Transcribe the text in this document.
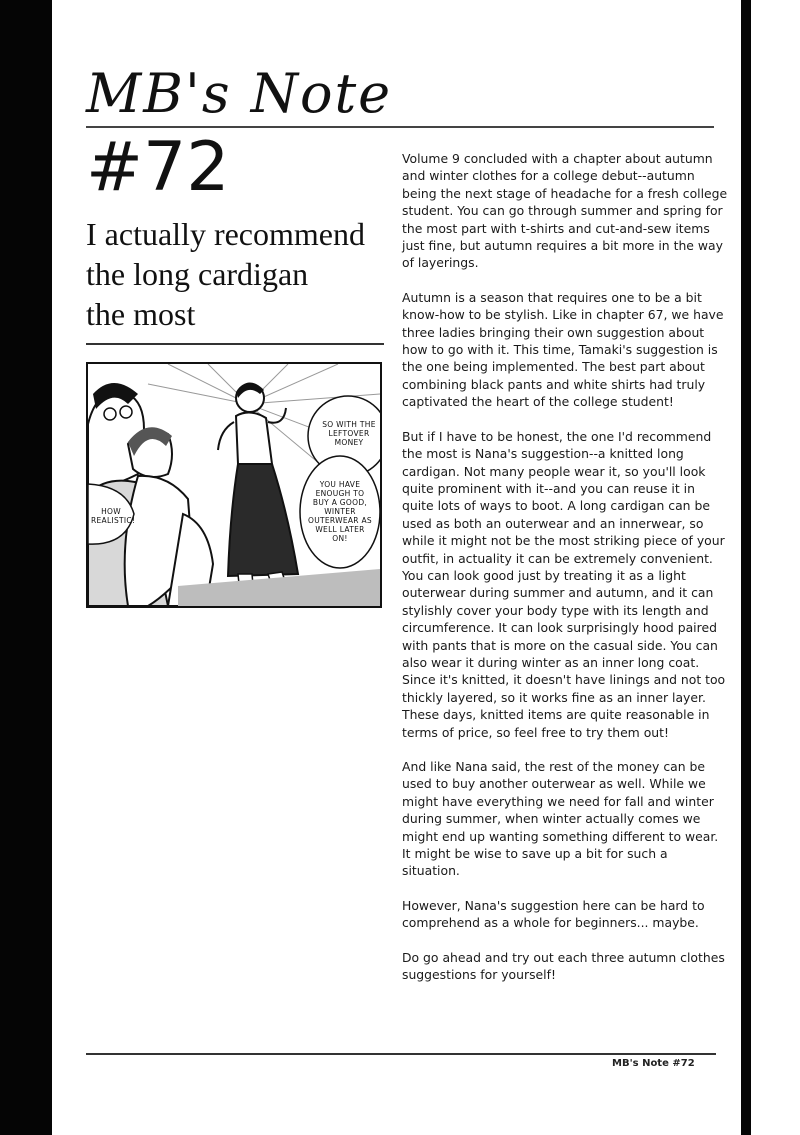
MB's Note
#72
I actually recommend
the long cardigan
the most
SO WITH THE LEFTOVER MONEY
YOU HAVE ENOUGH TO BUY A GOOD, WINTER OUTERWEAR AS WELL LATER ON!
HOW REALISTIC!

Volume 9 concluded with a chapter about autumn and winter clothes for a college debut--autumn being the next stage of headache for a fresh college student. You can go through summer and spring for the most part with t-shirts and cut-and-sew items just fine, but autumn requires a bit more in the way of layerings.

Autumn is a season that requires one to be a bit know-how to be stylish. Like in chapter 67, we have three ladies bringing their own suggestion about how to go with it. This time, Tamaki's suggestion is the one being implemented. The best part about combining black pants and white shirts had truly captivated the heart of the college student!

But if I have to be honest, the one I'd recommend the most is Nana's suggestion--a knitted long cardigan. Not many people wear it, so you'll look quite prominent with it--and you can reuse it in quite lots of ways to boot. A long cardigan can be used as both an outerwear and an innerwear, so while it might not be the most striking piece of your outfit, in actuality it can be extremely convenient. You can look good just by treating it as a light outerwear during summer and autumn, and it can stylishly cover your body type with its length and circumference. It can look surprisingly hood paired with pants that is more on the casual side. You can also wear it during winter as an inner long coat. Since it's knitted, it doesn't have linings and not too thickly layered, so it works fine as an inner layer. These days, knitted items are quite reasonable in terms of price, so feel free to try them out!

And like Nana said, the rest of the money can be used to buy another outerwear as well. While we might have everything we need for fall and winter during summer, when winter actually comes we might end up wanting something different to wear. It might be wise to save up a bit for such a situation.

However, Nana's suggestion here can be hard to comprehend as a whole for beginners... maybe.

Do go ahead and try out each three autumn clothes suggestions for yourself!

MB's Note #72
